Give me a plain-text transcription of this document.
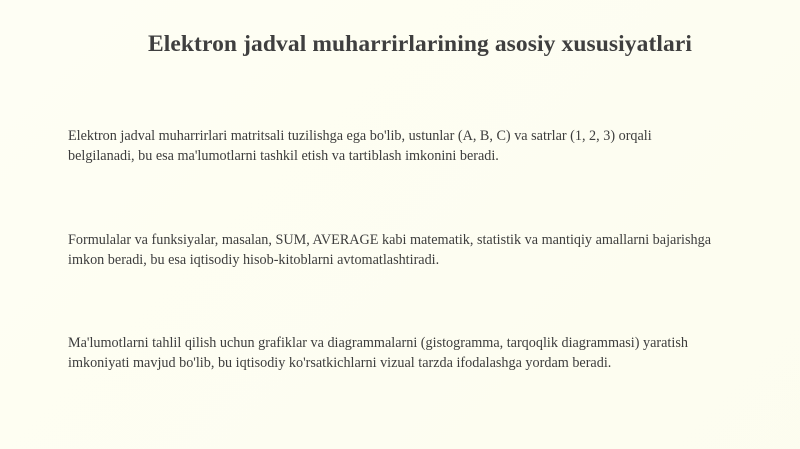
Elektron jadval muharrirlarining asosiy xususiyatlari
Elektron jadval muharrirlari matritsali tuzilishga ega bo'lib, ustunlar (A, B, C) va satrlar (1, 2, 3) orqali
belgilanadi, bu esa ma'lumotlarni tashkil etish va tartiblash imkonini beradi.
Formulalar va funksiyalar, masalan, SUM, AVERAGE kabi matematik, statistik va mantiqiy amallarni bajarishga
imkon beradi, bu esa iqtisodiy hisob-kitoblarni avtomatlashtiradi.
Ma'lumotlarni tahlil qilish uchun grafiklar va diagrammalarni (gistogramma, tarqoqlik diagrammasi) yaratish
imkoniyati mavjud bo'lib, bu iqtisodiy ko'rsatkichlarni vizual tarzda ifodalashga yordam beradi.
